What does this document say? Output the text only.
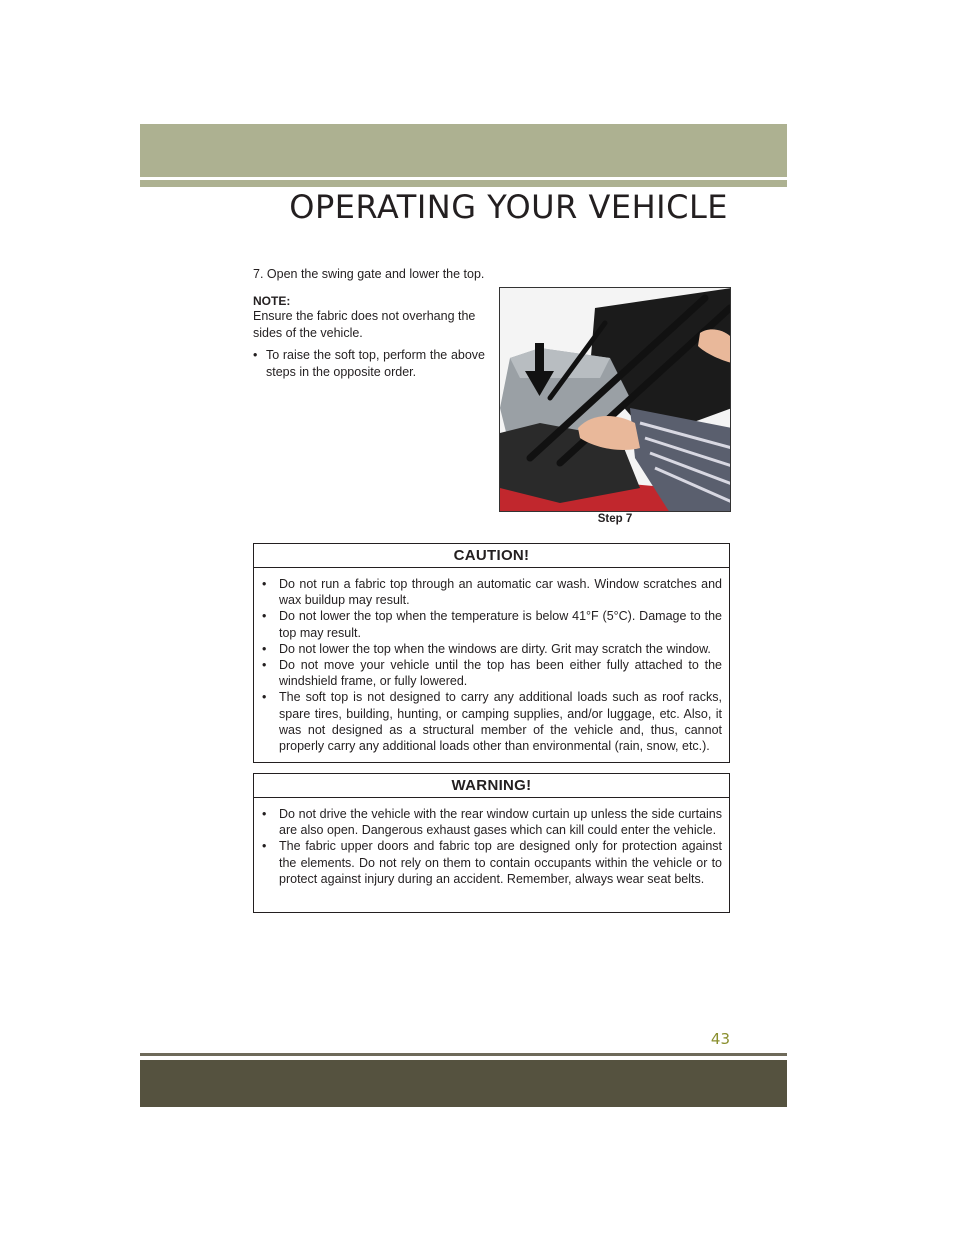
OPERATING YOUR VEHICLE
7. Open the swing gate and lower the top.
NOTE:

Ensure the fabric does not overhang the sides of the vehicle.

• To raise the soft top, perform the above steps in the opposite order.
Step 7
CAUTION!
•	Do not run a fabric top through an automatic car wash. Window scratches and wax buildup may result.
•	Do not lower the top when the temperature is below 41°F (5°C). Damage to the top may result.
•	Do not lower the top when the windows are dirty. Grit may scratch the window.
•	Do not move your vehicle until the top has been either fully attached to the windshield frame, or fully lowered.
•	The soft top is not designed to carry any additional loads such as roof racks, spare tires, building, hunting, or camping supplies, and/or luggage, etc. Also, it was not designed as a structural member of the vehicle and, thus, cannot properly carry any additional loads other than environmental (rain, snow, etc.).
WARNING!
•	Do not drive the vehicle with the rear window curtain up unless the side curtains are also open. Dangerous exhaust gases which can kill could enter the vehicle.
•	The fabric upper doors and fabric top are designed only for protection against the elements. Do not rely on them to contain occupants within the vehicle or to protect against injury during an accident. Remember, always wear seat belts.
43
